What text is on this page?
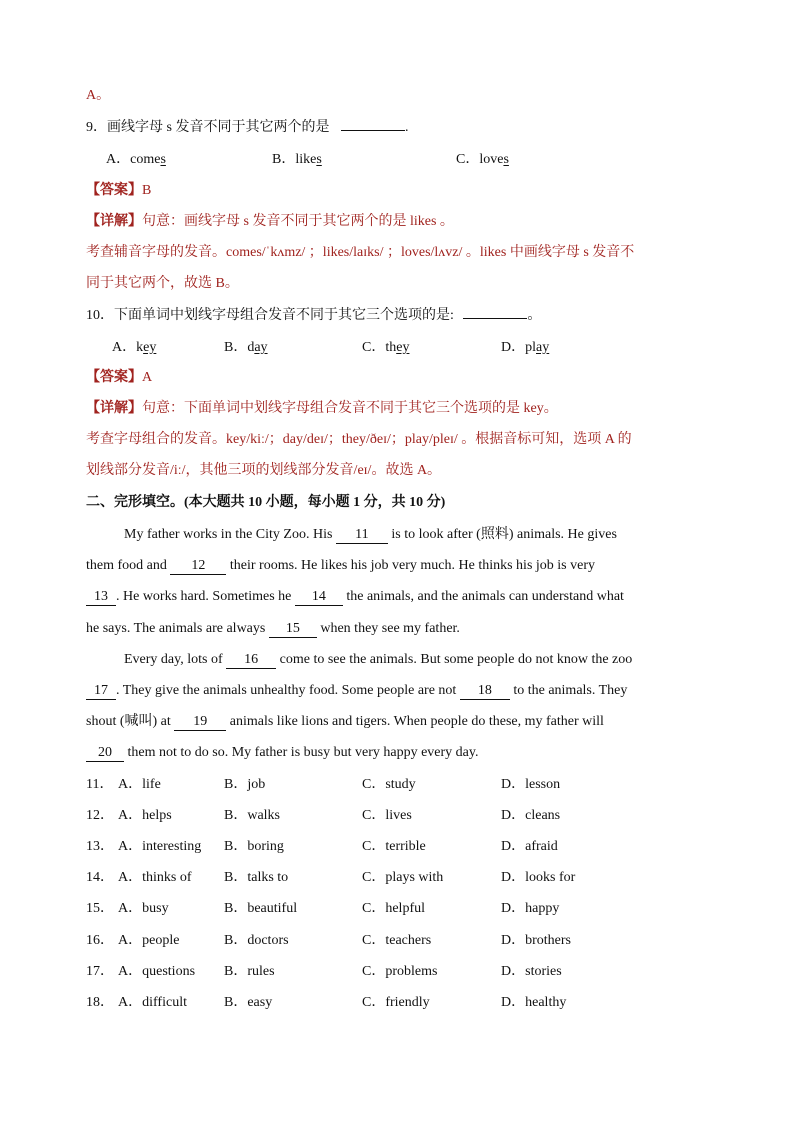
A。
9．画线字母 s 发音不同于其它两个的是	.
A．comes	B．likes	C．loves
【答案】B
【详解】句意：画线字母 s 发音不同于其它两个的是 likes 。
考查辅音字母的发音。comes/ˈkʌmz/ ；likes/laɪks/ ；loves/lʌvz/ 。likes 中画线字母 s 发音不
同于其它两个，故选 B。
10．下面单词中划线字母组合发音不同于其它三个选项的是:	。
A．key	B．day	C．they	D．play
【答案】A
【详解】句意：下面单词中划线字母组合发音不同于其它三个选项的是 key。
考查字母组合的发音。key/kiː/；day/deɪ/；they/ðeɪ/；play/pleɪ/ 。根据音标可知，选项 A 的
划线部分发音/iː/，其他三项的划线部分发音/eɪ/。故选 A。
二、完形填空。(本大题共 10 小题，每小题 1 分，共 10 分)
My father works in the City Zoo. His 11 is to look after (照料) animals. He gives
them food and 12 their rooms. He likes his job very much. He thinks his job is very
13 . He works hard. Sometimes he 14 the animals, and the animals can understand what
he says. The animals are always 15 when they see my father.
Every day, lots of 16 come to see the animals. But some people do not know the zoo
17 . They give the animals unhealthy food. Some people are not 18 to the animals. They
shout (喊叫) at 19 animals like lions and tigers. When people do these, my father will
20 them not to do so. My father is busy but very happy every day.
11． A．life	B．job	C．study	D．lesson
12． A．helps	B．walks	C．lives	D．cleans
13． A．interesting B．boring	C．terrible	D．afraid
14． A．thinks of B．talks to	C．plays with	D．looks for
15． A．busy	B．beautiful	C．helpful	D．happy
16． A．people	B．doctors	C．teachers	D．brothers
17． A．questions B．rules	C．problems	D．stories
18． A．difficult	B．easy	C．friendly	D．healthy
